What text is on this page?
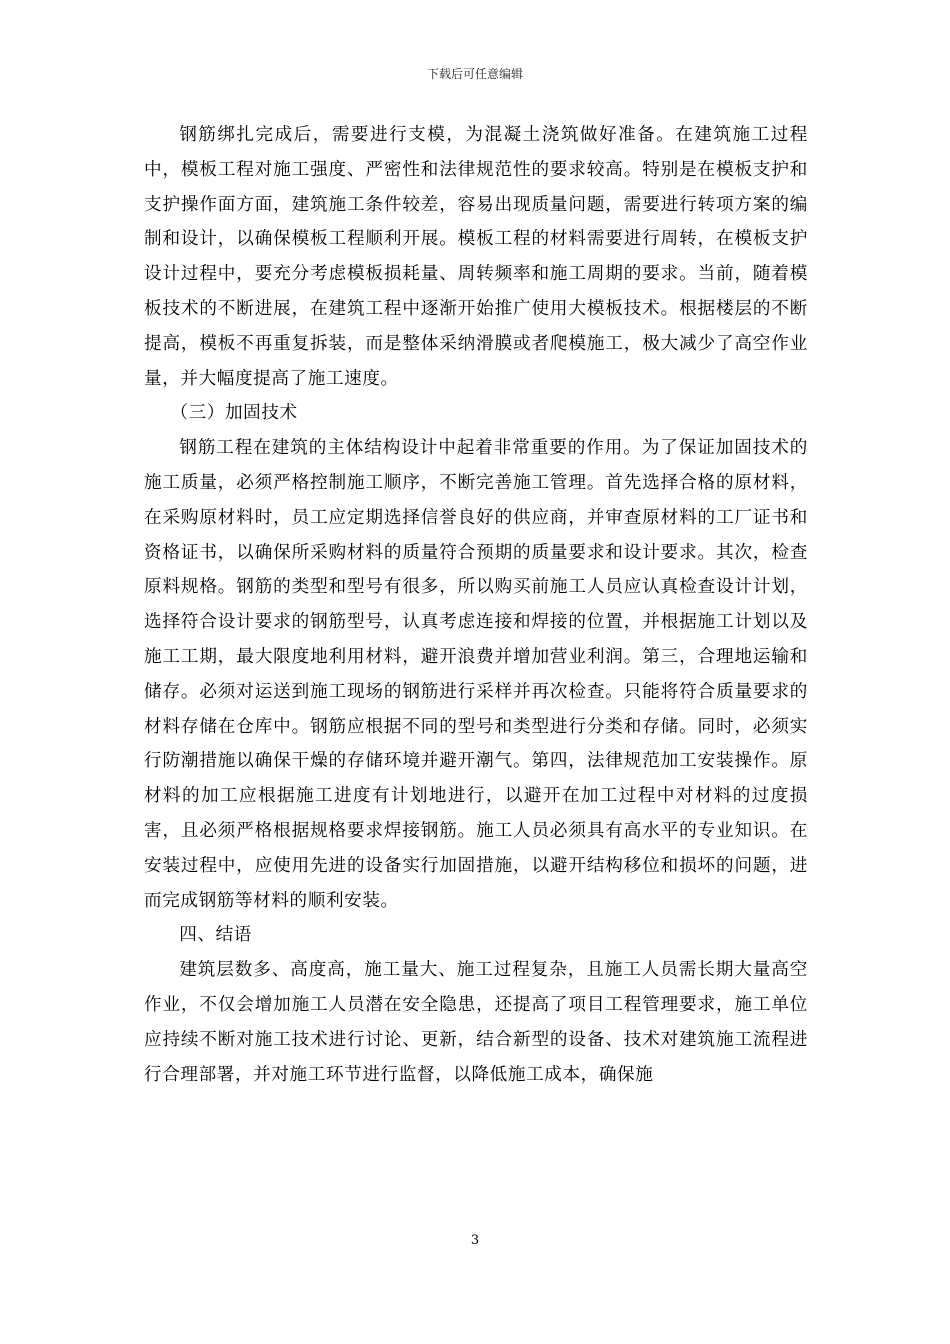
下载后可任意编辑

钢筋绑扎完成后，需要进行支模，为混凝土浇筑做好准备。在建筑施工过程中，模板工程对施工强度、严密性和法律规范性的要求较高。特别是在模板支护和支护操作面方面，建筑施工条件较差，容易出现质量问题，需要进行转项方案的编制和设计，以确保模板工程顺利开展。模板工程的材料需要进行周转，在模板支护设计过程中，要充分考虑模板损耗量、周转频率和施工周期的要求。当前，随着模板技术的不断进展，在建筑工程中逐渐开始推广使用大模板技术。根据楼层的不断提高，模板不再重复拆装，而是整体采纳滑膜或者爬模施工，极大减少了高空作业量，并大幅度提高了施工速度。

（三）加固技术

钢筋工程在建筑的主体结构设计中起着非常重要的作用。为了保证加固技术的施工质量，必须严格控制施工顺序，不断完善施工管理。首先选择合格的原材料，在采购原材料时，员工应定期选择信誉良好的供应商，并审查原材料的工厂证书和资格证书，以确保所采购材料的质量符合预期的质量要求和设计要求。其次，检查原料规格。钢筋的类型和型号有很多，所以购买前施工人员应认真检查设计计划，选择符合设计要求的钢筋型号，认真考虑连接和焊接的位置，并根据施工计划以及施工工期，最大限度地利用材料，避开浪费并增加营业利润。第三，合理地运输和储存。必须对运送到施工现场的钢筋进行采样并再次检查。只能将符合质量要求的材料存储在仓库中。钢筋应根据不同的型号和类型进行分类和存储。同时，必须实行防潮措施以确保干燥的存储环境并避开潮气。第四，法律规范加工安装操作。原材料的加工应根据施工进度有计划地进行，以避开在加工过程中对材料的过度损害，且必须严格根据规格要求焊接钢筋。施工人员必须具有高水平的专业知识。在安装过程中，应使用先进的设备实行加固措施，以避开结构移位和损坏的问题，进而完成钢筋等材料的顺利安装。

四、结语

建筑层数多、高度高，施工量大、施工过程复杂，且施工人员需长期大量高空作业，不仅会增加施工人员潜在安全隐患，还提高了项目工程管理要求，施工单位应持续不断对施工技术进行讨论、更新，结合新型的设备、技术对建筑施工流程进行合理部署，并对施工环节进行监督，以降低施工成本，确保施

3
